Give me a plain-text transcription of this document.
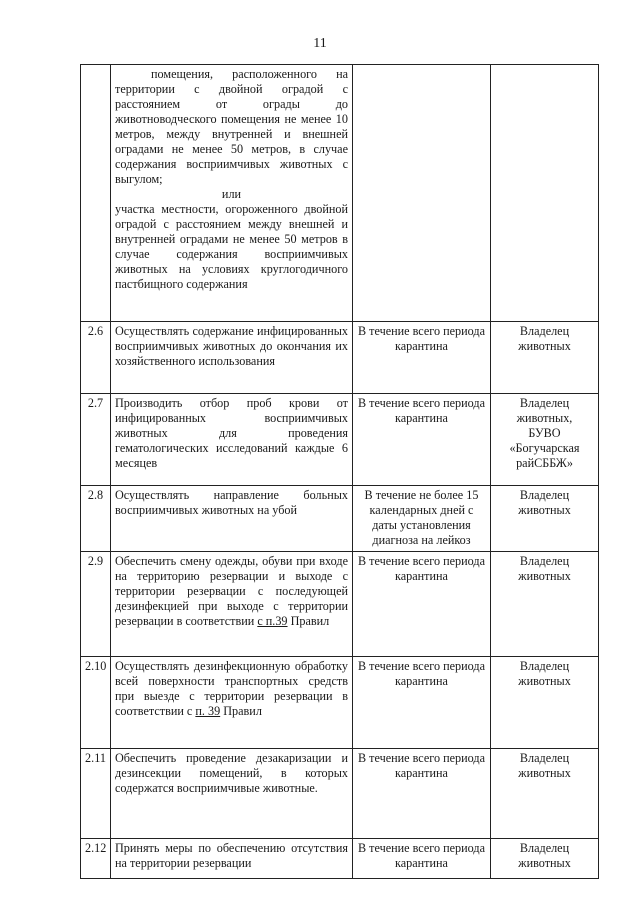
11

	помещения, расположенного на территории с двойной оградой с расстоянием от ограды до животноводческого помещения не менее 10 метров, между внутренней и внешней оградами не менее 50 метров, в случае содержания восприимчивых животных с выгулом;
или
участка местности, огороженного двойной оградой с расстоянием между внешней и внутренней оградами не менее 50 метров в случае содержания восприимчивых животных на условиях круглогодичного пастбищного содержания		

2.6	Осуществлять содержание инфицированных восприимчивых животных до окончания их хозяйственного использования	В течение всего периода карантина	Владелец
животных

2.7	Производить отбор проб крови от инфицированных восприимчивых животных для проведения гематологических исследований каждые 6 месяцев	В течение всего периода карантина	Владелец
животных,
БУВО
«Богучарская
райСББЖ»

2.8	Осуществлять направление больных восприимчивых животных на убой	В течение не более 15 календарных дней с даты установления диагноза на лейкоз	Владелец
животных

2.9	Обеспечить смену одежды, обуви при входе на территорию резервации и выходе с территории резервации с последующей дезинфекцией при выходе с территории резервации в соответствии с п.39 Правил	В течение всего периода карантина	Владелец
животных

2.10	Осуществлять дезинфекционную обработку всей поверхности транспортных средств при выезде с территории резервации в соответствии с п. 39 Правил	В течение всего периода карантина	Владелец
животных

2.11	Обеспечить проведение дезакаризации и дезинсекции помещений, в которых содержатся восприимчивые животные.	В течение всего периода карантина	Владелец
животных

2.12	Принять меры по обеспечению отсутствия на территории резервации	В течение всего периода карантина	Владелец
животных
